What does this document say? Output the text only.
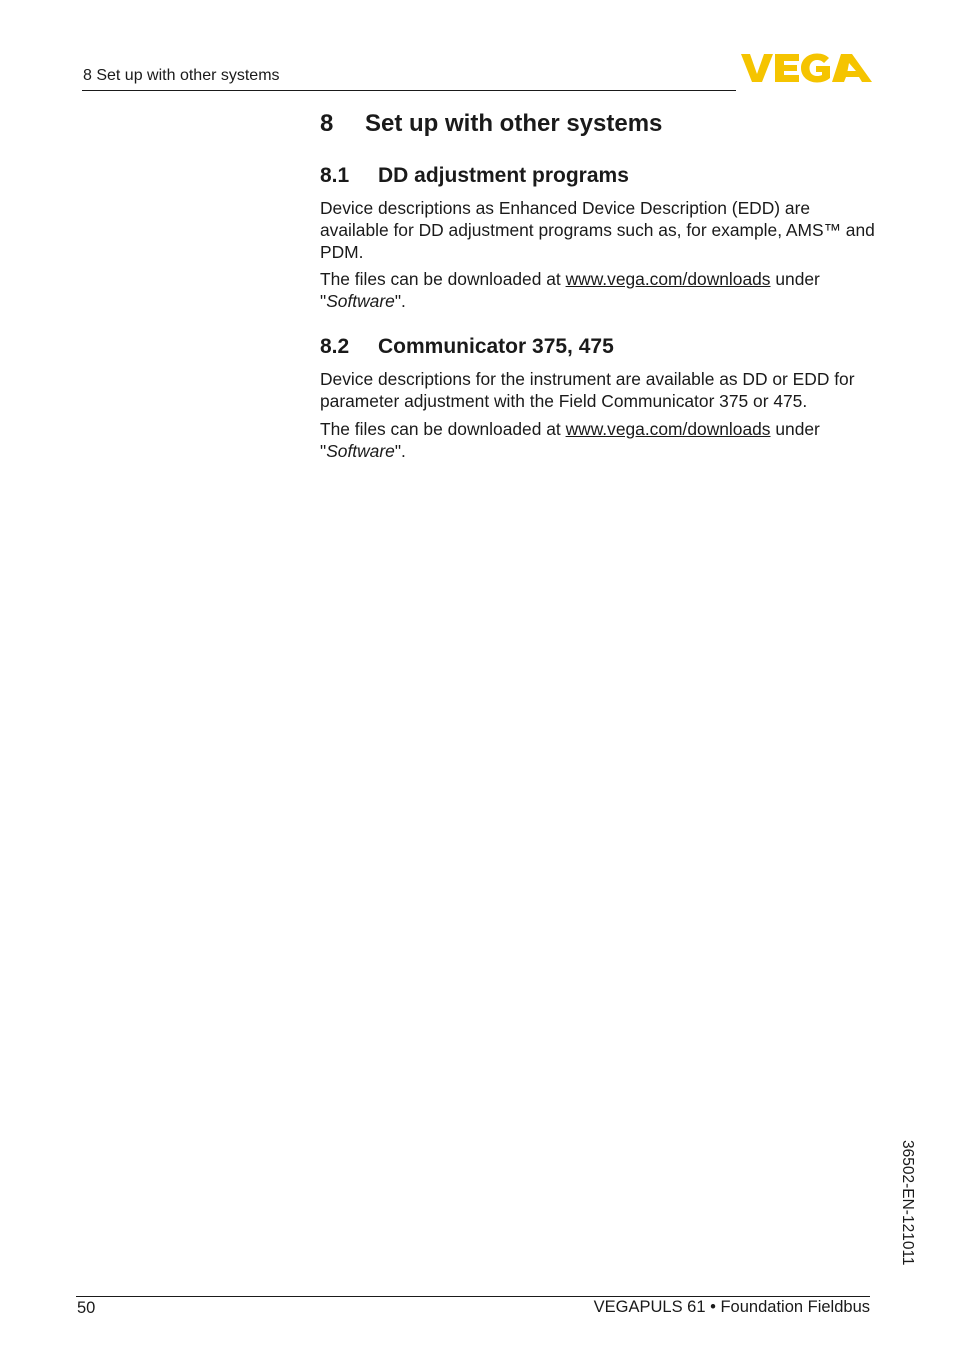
8 Set up with other systems
8 Set up with other systems
8.1 DD adjustment programs

Device descriptions as Enhanced Device Description (EDD) are available for DD adjustment programs such as, for example, AMS™ and PDM.

The files can be downloaded at www.vega.com/downloads under "Software".

8.2 Communicator 375, 475

Device descriptions for the instrument are available as DD or EDD for parameter adjustment with the Field Communicator 375 or 475.

The files can be downloaded at www.vega.com/downloads under "Software".

36502-EN-121011
50	VEGAPULS 61 • Foundation Fieldbus
